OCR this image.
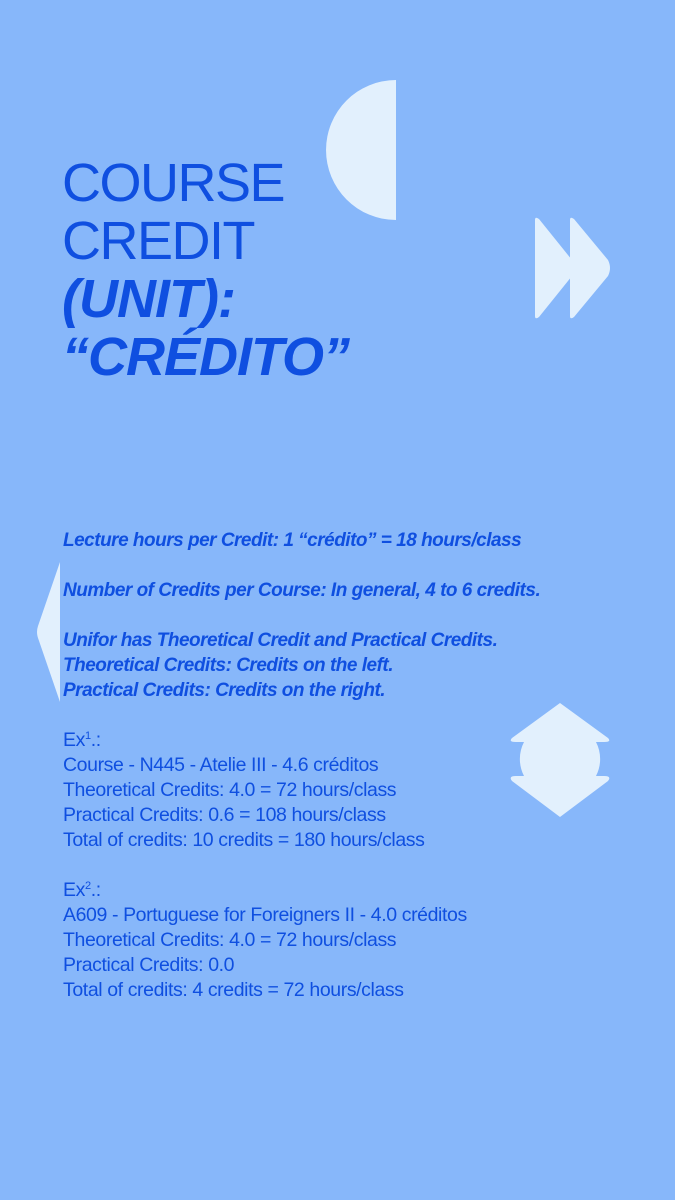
COURSE
CREDIT
(UNIT):
“CRÉDITO”
Lecture hours per Credit: 1 “crédito” = 18 hours/class
Number of Credits per Course: In general, 4 to 6 credits.
Unifor has Theoretical Credit and Practical Credits.
Theoretical Credits: Credits on the left.
Practical Credits: Credits on the right.
Ex$^1$.:
Course - N445 - Atelie III - 4.6 créditos
Theoretical Credits: 4.0 = 72 hours/class
Practical Credits: 0.6 = 108 hours/class
Total of credits: 10 credits = 180 hours/class
Ex$^2$.:
A609 - Portuguese for Foreigners II - 4.0 créditos
Theoretical Credits: 4.0 = 72 hours/class
Practical Credits: 0.0
Total of credits: 4 credits = 72 hours/class
